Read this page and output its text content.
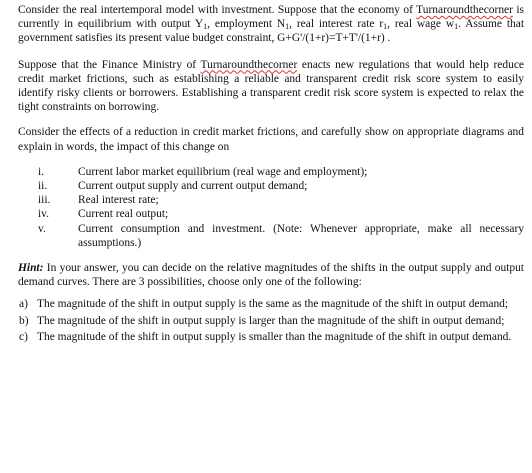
Consider the real intertemporal model with investment. Suppose that the economy of Turnaroundthecorner is currently in equilibrium with output $Y_1$, employment $N_1$, real interest rate $r_1$, real wage $w_1$. Assume that government satisfies its present value budget constraint, G+G'/(1+r)=T+T'/(1+r) .

Suppose that the Finance Ministry of Turnaroundthecorner enacts new regulations that would help reduce credit market frictions, such as establishing a reliable and transparent credit risk score system to easily identify risky clients or borrowers. Establishing a transparent credit risk score system is expected to relax the tight constraints on borrowing.

Consider the effects of a reduction in credit market frictions, and carefully show on appropriate diagrams and explain in words, the impact of this change on

i.	Current labor market equilibrium (real wage and employment);
ii.	Current output supply and current output demand;
iii.	Real interest rate;
iv.	Current real output;
v.	Current consumption and investment. (Note: Whenever appropriate, make all necessary assumptions.)

Hint: In your answer, you can decide on the relative magnitudes of the shifts in the output supply and output demand curves. There are 3 possibilities, choose only one of the following:

a) The magnitude of the shift in output supply is the same as the magnitude of the shift in output demand;
b) The magnitude of the shift in output supply is larger than the magnitude of the shift in output demand;
c) The magnitude of the shift in output supply is smaller than the magnitude of the shift in output demand.
